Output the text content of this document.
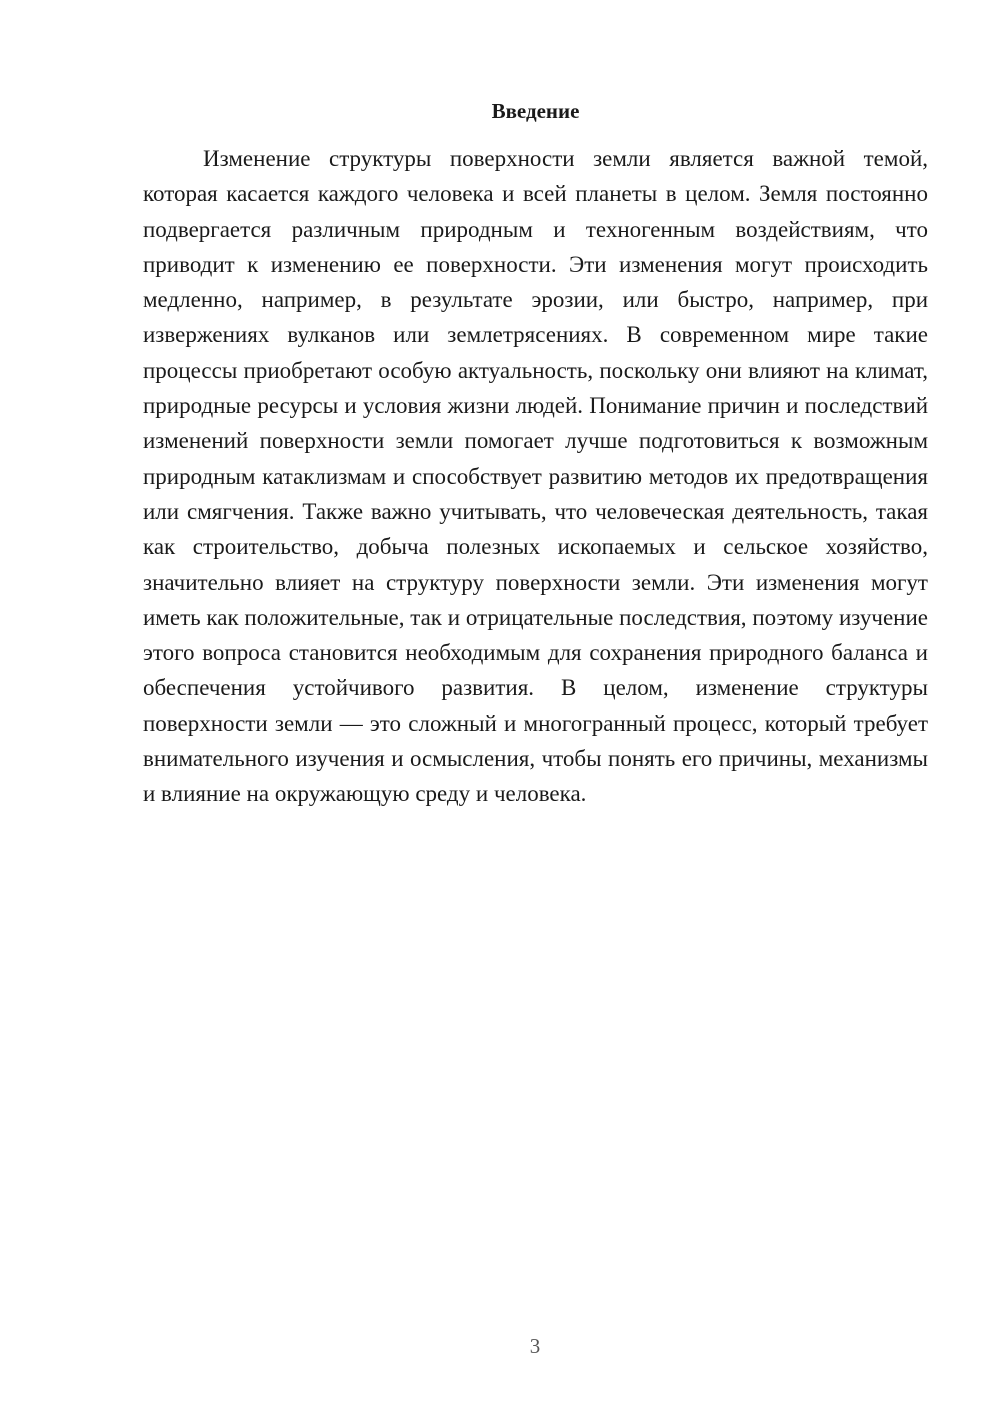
Введение

Изменение структуры поверхности земли является важной темой, которая касается каждого человека и всей планеты в целом. Земля постоянно подвергается различным природным и техногенным воздействиям, что приводит к изменению ее поверхности. Эти изменения могут происходить медленно, например, в результате эрозии, или быстро, например, при извержениях вулканов или землетрясениях. В современном мире такие процессы приобретают особую актуальность, поскольку они влияют на климат, природные ресурсы и условия жизни людей. Понимание причин и последствий изменений поверхности земли помогает лучше подготовиться к возможным природным катаклизмам и способствует развитию методов их предотвращения или смягчения. Также важно учитывать, что человеческая деятельность, такая как строительство, добыча полезных ископаемых и сельское хозяйство, значительно влияет на структуру поверхности земли. Эти изменения могут иметь как положительные, так и отрицательные последствия, поэтому изучение этого вопроса становится необходимым для сохранения природного баланса и обеспечения устойчивого развития. В целом, изменение структуры поверхности земли — это сложный и многогранный процесс, который требует внимательного изучения и осмысления, чтобы понять его причины, механизмы и влияние на окружающую среду и человека.

3
